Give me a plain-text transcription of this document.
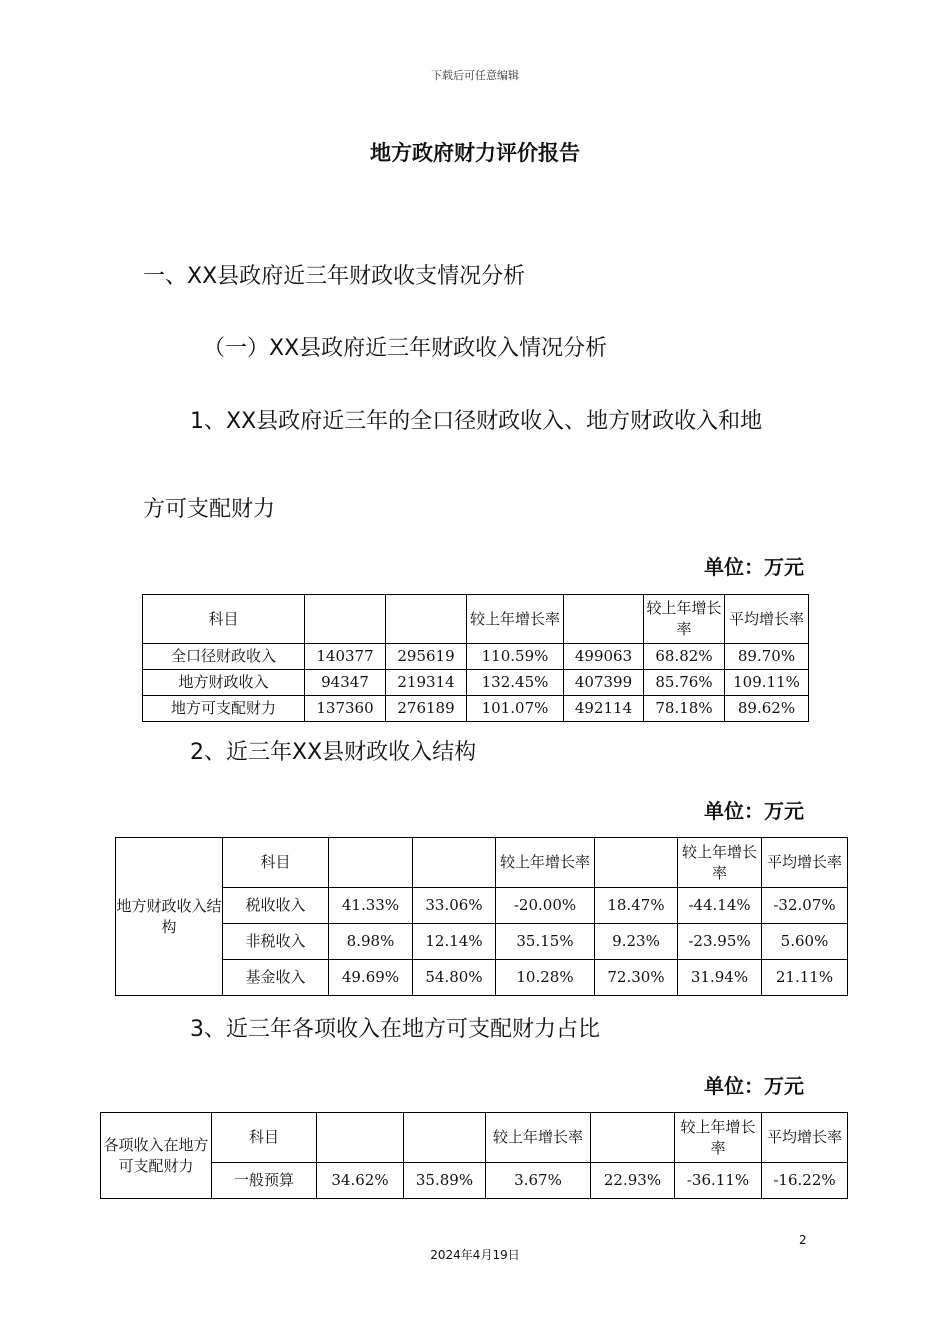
下载后可任意编辑
地方政府财力评价报告
一、XX县政府近三年财政收支情况分析
（一）XX县政府近三年财政收入情况分析
1、XX县政府近三年的全口径财政收入、地方财政收入和地
方可支配财力
单位：万元
科目			较上年增长率		较上年增长率	平均增长率
全口径财政收入	140377	295619	110.59%	499063	68.82%	89.70%
地方财政收入	94347	219314	132.45%	407399	85.76%	109.11%
地方可支配财力	137360	276189	101.07%	492114	78.18%	89.62%
2、近三年XX县财政收入结构
单位：万元
地方财政收入结构	科目			较上年增长率		较上年增长率	平均增长率
	税收收入	41.33%	33.06%	-20.00%	18.47%	-44.14%	-32.07%
	非税收入	8.98%	12.14%	35.15%	9.23%	-23.95%	5.60%
	基金收入	49.69%	54.80%	10.28%	72.30%	31.94%	21.11%
3、近三年各项收入在地方可支配财力占比
单位：万元
各项收入在地方可支配财力	科目			较上年增长率		较上年增长率	平均增长率
	一般预算	34.62%	35.89%	3.67%	22.93%	-36.11%	-16.22%
2
2024年4月19日
